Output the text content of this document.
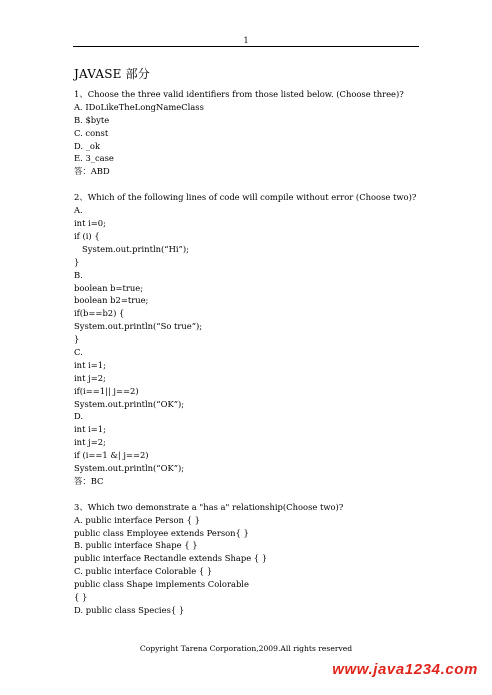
1
JAVASE 部分
1、Choose the three valid identifiers from those listed below. (Choose three)?
A. IDoLikeTheLongNameClass
B. $byte
C. const
D. _ok
E. 3_case
答：ABD
2、Which of the following lines of code will compile without error (Choose two)?
A.
int i=0;
if (i) {
System.out.println(“Hi”);
}
B.
boolean b=true;
boolean b2=true;
if(b==b2) {
System.out.println(“So true”);
}
C.
int i=1;
int j=2;
if(i==1|| j==2)
System.out.println(“OK”);
D.
int i=1;
int j=2;
if (i==1 &| j==2)
System.out.println(“OK”);
答：BC
3、Which two demonstrate a "has a" relationship(Choose two)?
A. public interface Person { }
public class Employee extends Person{ }
B. public interface Shape { }
public interface Rectandle extends Shape { }
C. public interface Colorable { }
public class Shape implements Colorable
{ }
D. public class Species{ }
Copyright Tarena Corporation,2009.All rights reserved
www.java1234.com
